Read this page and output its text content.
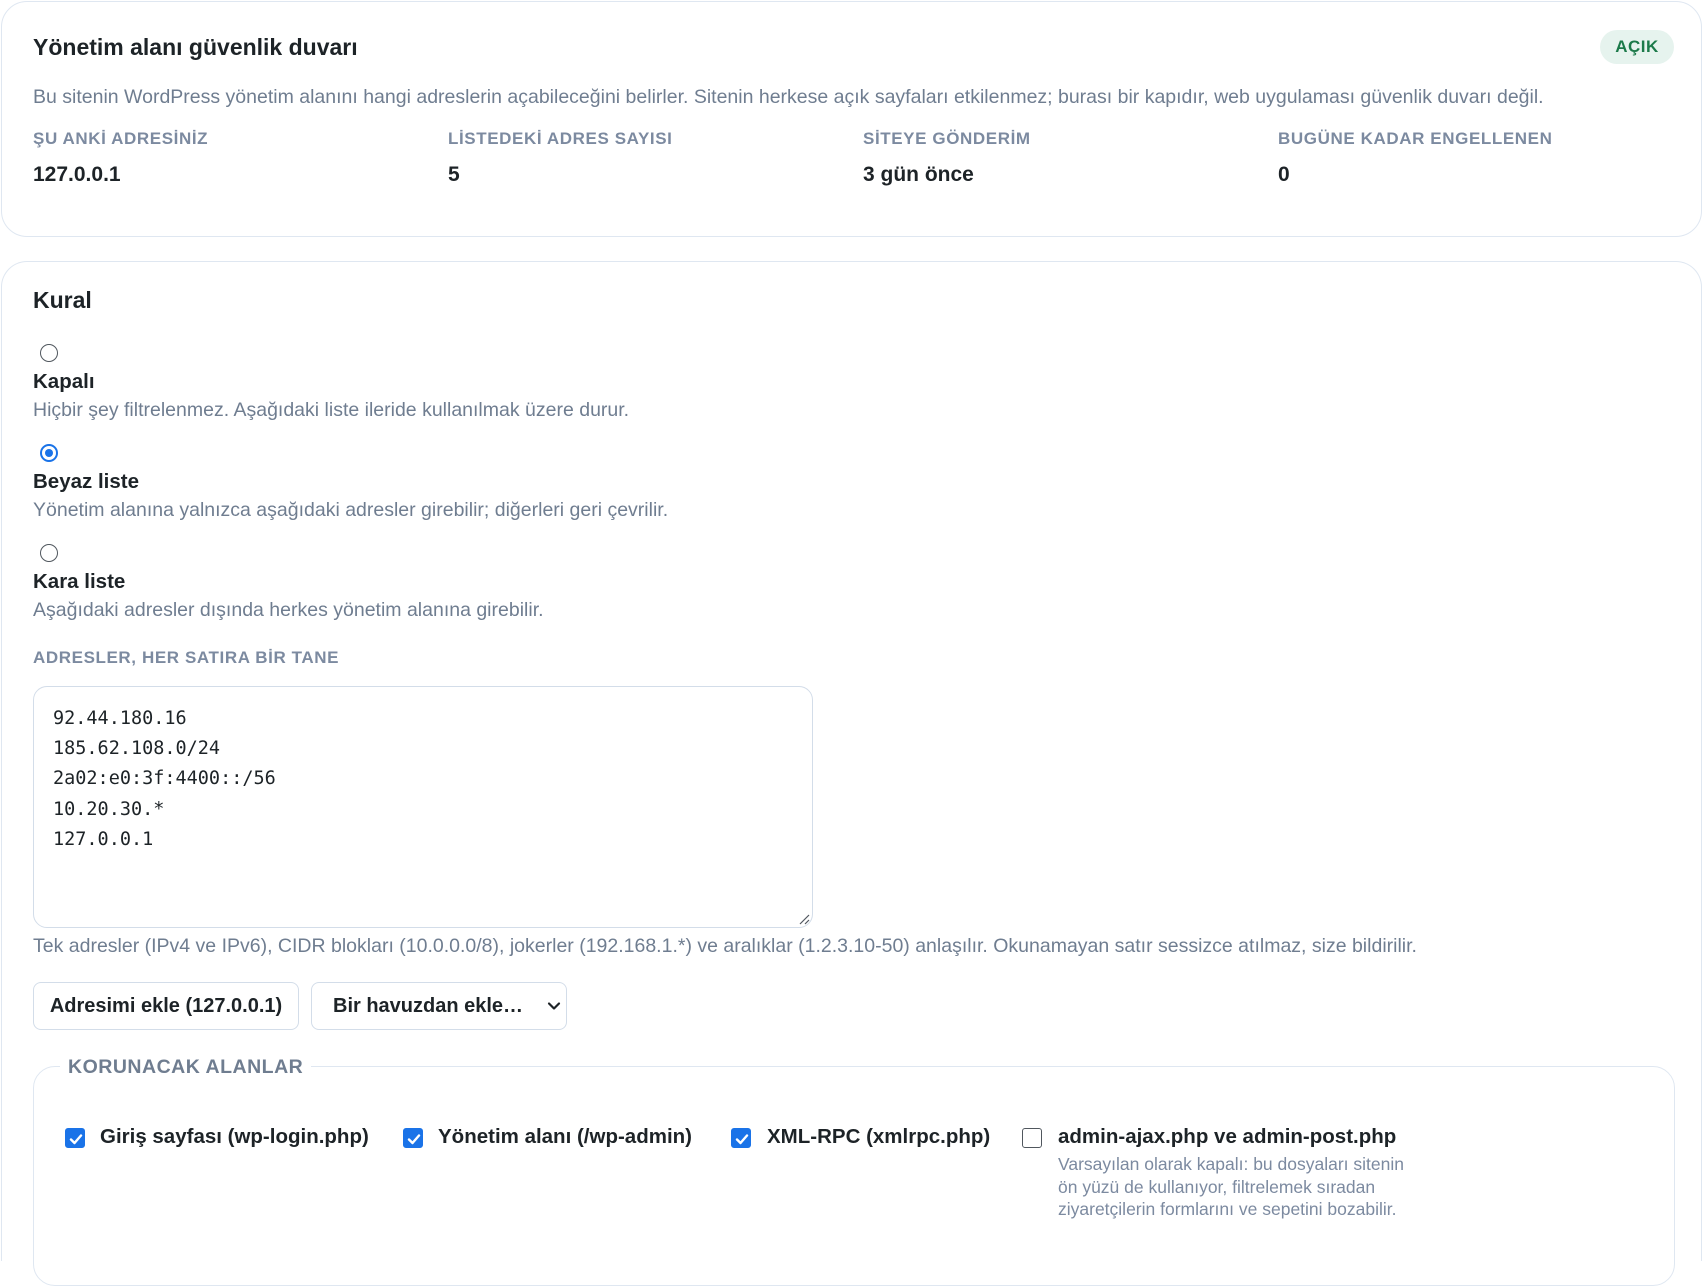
Yönetim alanı güvenlik duvarı	AÇIK
Bu sitenin WordPress yönetim alanını hangi adreslerin açabileceğini belirler. Sitenin herkese açık sayfaları etkilenmez; burası bir kapıdır, web uygulaması güvenlik duvarı değil.
ŞU ANKİ ADRESİNİZ
127.0.0.1
LİSTEDEKİ ADRES SAYISI
5
SİTEYE GÖNDERİM
3 gün önce
BUGÜNE KADAR ENGELLENEN
0
Kural
Kapalı
Hiçbir şey filtrelenmez. Aşağıdaki liste ileride kullanılmak üzere durur.
Beyaz liste
Yönetim alanına yalnızca aşağıdaki adresler girebilir; diğerleri geri çevrilir.
Kara liste
Aşağıdaki adresler dışında herkes yönetim alanına girebilir.
ADRESLER, HER SATIRA BİR TANE
92.44.180.16
185.62.108.0/24
2a02:e0:3f:4400::/56
10.20.30.*
127.0.0.1
Tek adresler (IPv4 ve IPv6), CIDR blokları (10.0.0.0/8), jokerler (192.168.1.*) ve aralıklar (1.2.3.10-50) anlaşılır. Okunamayan satır sessizce atılmaz, size bildirilir.
Adresimi ekle (127.0.0.1)	Bir havuzdan ekle…
KORUNACAK ALANLAR
Giriş sayfası (wp-login.php)	Yönetim alanı (/wp-admin)	XML-RPC (xmlrpc.php)	admin-ajax.php ve admin-post.php
Varsayılan olarak kapalı: bu dosyaları sitenin ön yüzü de kullanıyor, filtrelemek sıradan ziyaretçilerin formlarını ve sepetini bozabilir.
